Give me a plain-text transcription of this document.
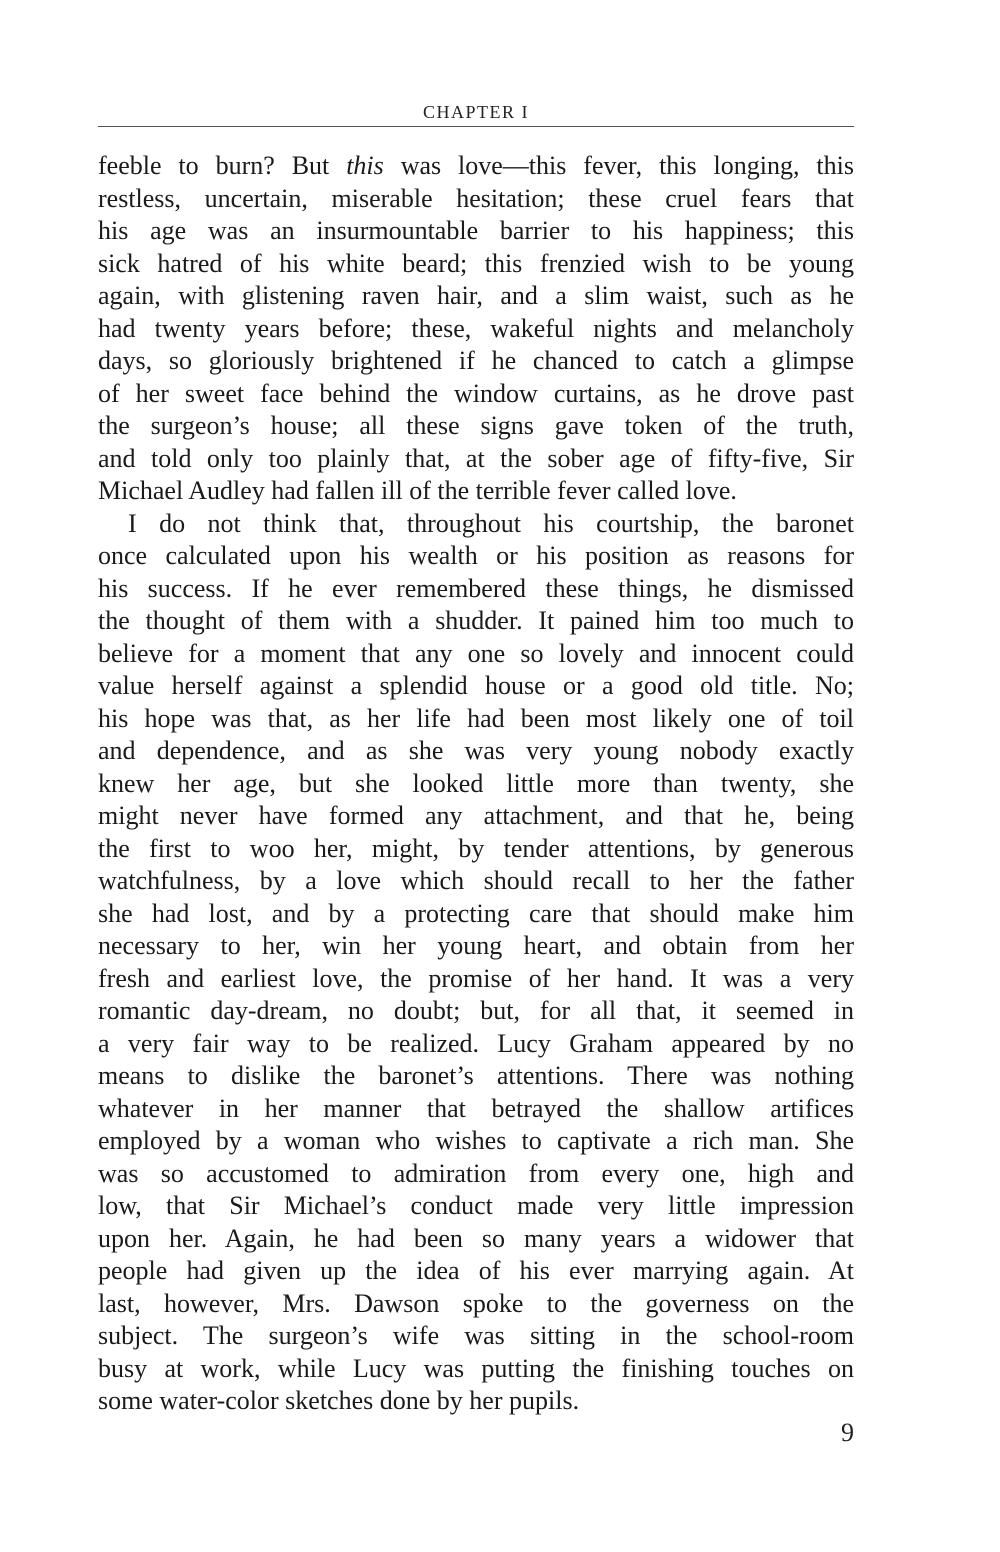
CHAPTER I
feeble to burn? But this was love—this fever, this longing, this
restless, uncertain, miserable hesitation; these cruel fears that
his age was an insurmountable barrier to his happiness; this
sick hatred of his white beard; this frenzied wish to be young
again, with glistening raven hair, and a slim waist, such as he
had twenty years before; these, wakeful nights and melancholy
days, so gloriously brightened if he chanced to catch a glimpse
of her sweet face behind the window curtains, as he drove past
the surgeon’s house; all these signs gave token of the truth,
and told only too plainly that, at the sober age of fifty-five, Sir
Michael Audley had fallen ill of the terrible fever called love.
I do not think that, throughout his courtship, the baronet
once calculated upon his wealth or his position as reasons for
his success. If he ever remembered these things, he dismissed
the thought of them with a shudder. It pained him too much to
believe for a moment that any one so lovely and innocent could
value herself against a splendid house or a good old title. No;
his hope was that, as her life had been most likely one of toil
and dependence, and as she was very young nobody exactly
knew her age, but she looked little more than twenty, she
might never have formed any attachment, and that he, being
the first to woo her, might, by tender attentions, by generous
watchfulness, by a love which should recall to her the father
she had lost, and by a protecting care that should make him
necessary to her, win her young heart, and obtain from her
fresh and earliest love, the promise of her hand. It was a very
romantic day-dream, no doubt; but, for all that, it seemed in
a very fair way to be realized. Lucy Graham appeared by no
means to dislike the baronet’s attentions. There was nothing
whatever in her manner that betrayed the shallow artifices
employed by a woman who wishes to captivate a rich man. She
was so accustomed to admiration from every one, high and
low, that Sir Michael’s conduct made very little impression
upon her. Again, he had been so many years a widower that
people had given up the idea of his ever marrying again. At
last, however, Mrs. Dawson spoke to the governess on the
subject. The surgeon’s wife was sitting in the school-room
busy at work, while Lucy was putting the finishing touches on
some water-color sketches done by her pupils.
9
